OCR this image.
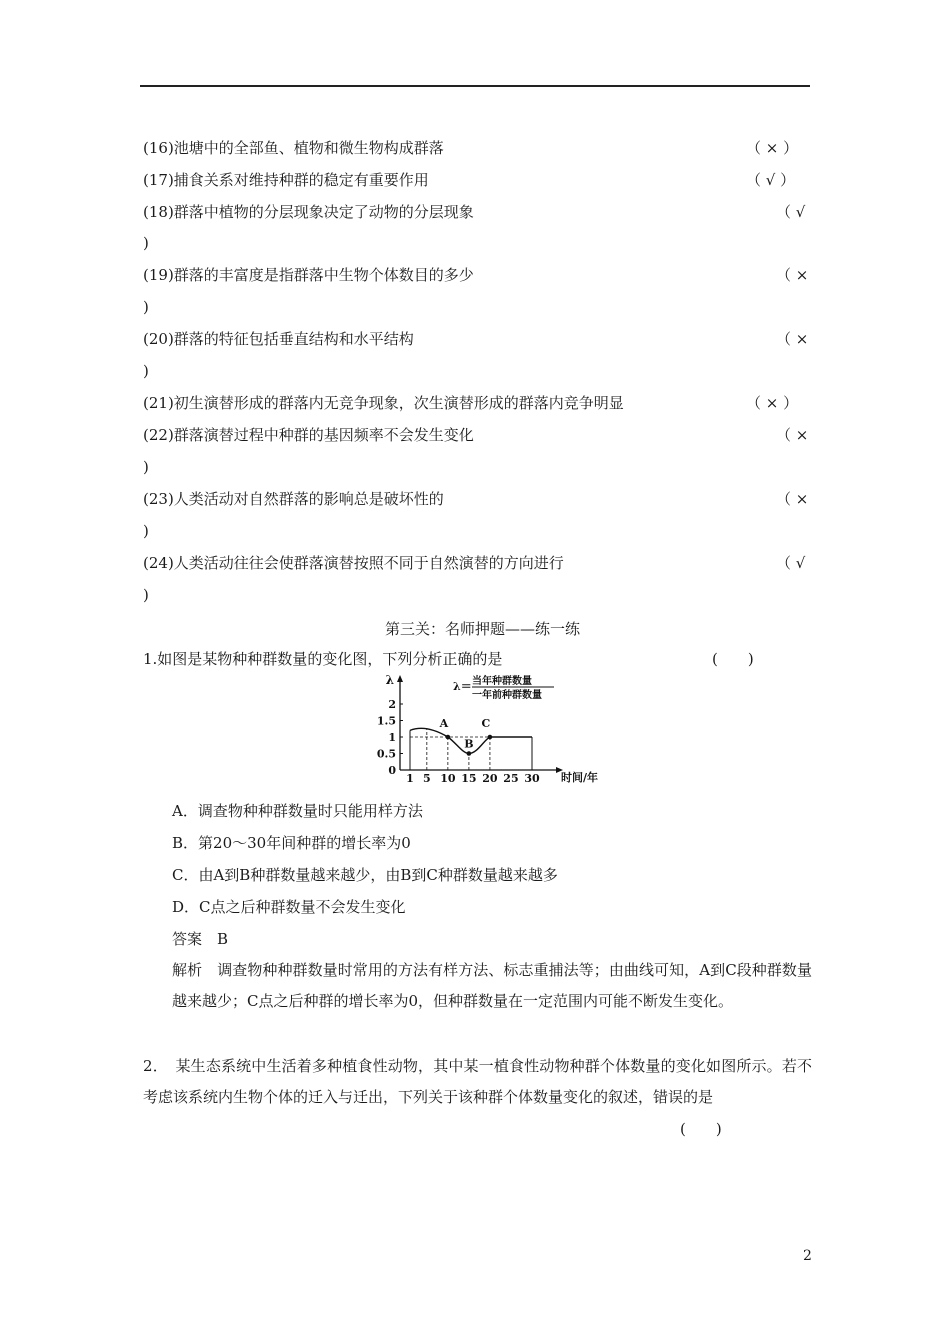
(16)池塘中的全部鱼、植物和微生物构成群落	（ × ）
(17)捕食关系对维持种群的稳定有重要作用	（ √ ）
(18)群落中植物的分层现象决定了动物的分层现象	（ √
)
(19)群落的丰富度是指群落中生物个体数目的多少	（ ×
)
(20)群落的特征包括垂直结构和水平结构	（ ×
)
(21)初生演替形成的群落内无竞争现象，次生演替形成的群落内竞争明显	（ × ）
(22)群落演替过程中种群的基因频率不会发生变化	（ ×
)
(23)人类活动对自然群落的影响总是破坏性的	（ ×
)
(24)人类活动往往会使群落演替按照不同于自然演替的方向进行	（ √
)
第三关：名师押题——练一练
1.如图是某物种种群数量的变化图，下列分析正确的是	(　　)
λ
时间/年
λ＝ 当年种群数量
一年前种群数量
0
0.5
1
1.5
2
1 5 10 15 20 25 30
A
B
C
A．调查物种种群数量时只能用样方法
B．第20～30年间种群的增长率为0
C．由A到B种群数量越来越少，由B到C种群数量越来越多
D．C点之后种群数量不会发生变化
答案　B
解析　调查物种种群数量时常用的方法有样方法、标志重捕法等；由曲线可知，A到C段种群数量越来越少；C点之后种群的增长率为0，但种群数量在一定范围内可能不断发生变化。
2．　某生态系统中生活着多种植食性动物，其中某一植食性动物种群个体数量的变化如图所示。若不考虑该系统内生物个体的迁入与迁出，下列关于该种群个体数量变化的叙述，错误的是
(　　)
2
